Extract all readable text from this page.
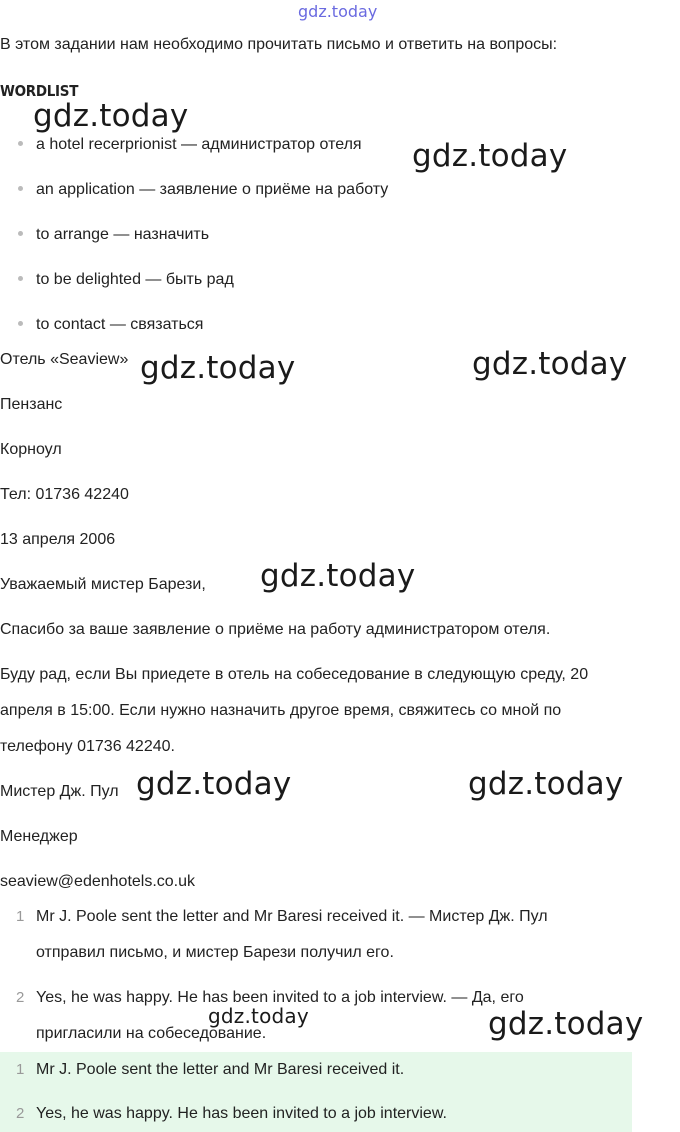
gdz.today
В этом задании нам необходимо прочитать письмо и ответить на вопросы:
WORDLIST
a hotel recerprionist — администратор отеля
an application — заявление о приёме на работу
to arrange — назначить
to be delighted — быть рад
to contact — связаться
Отель «Seaview»
Пензанс
Корноул
Тел: 01736 42240
13 апреля 2006
Уважаемый мистер Барези,
Спасибо за ваше заявление о приёме на работу администратором отеля.
Буду рад, если Вы приедете в отель на собеседование в следующую среду, 20
апреля в 15:00. Если нужно назначить другое время, свяжитесь со мной по
телефону 01736 42240.
Мистер Дж. Пул
Менеджер
seaview@edenhotels.co.uk
1 Mr J. Poole sent the letter and Mr Baresi received it. — Мистер Дж. Пул
отправил письмо, и мистер Барези получил его.
2 Yes, he was happy. He has been invited to a job interview. — Да, его
пригласили на собеседование.
1 Mr J. Poole sent the letter and Mr Baresi received it.
2 Yes, he was happy. He has been invited to a job interview.
gdz.today
gdz.today
gdz.today	gdz.today
gdz.today
gdz.today	gdz.today
gdz.today	gdz.today
